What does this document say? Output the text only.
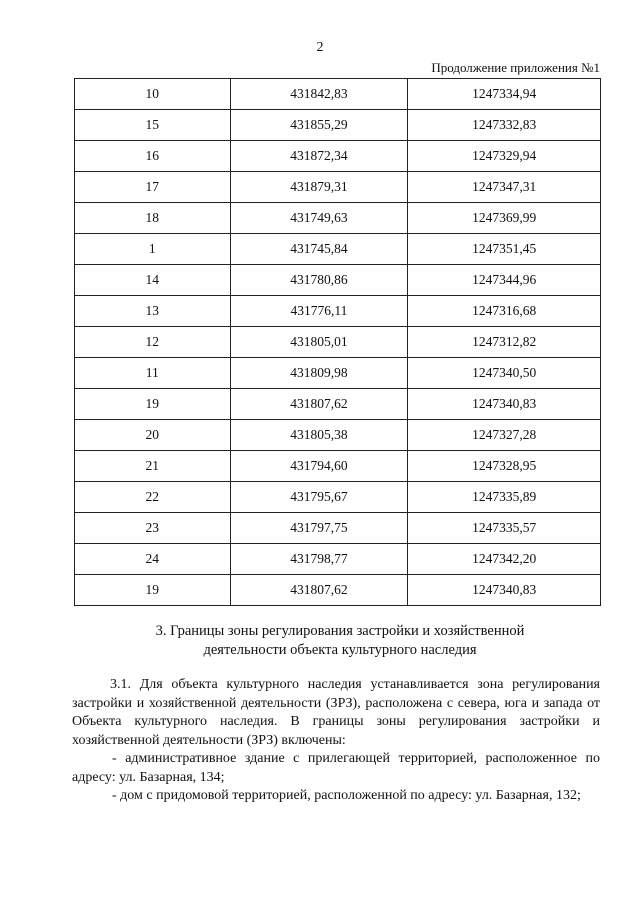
2
Продолжение приложения №1
10	431842,83	1247334,94
15	431855,29	1247332,83
16	431872,34	1247329,94
17	431879,31	1247347,31
18	431749,63	1247369,99
1	431745,84	1247351,45
14	431780,86	1247344,96
13	431776,11	1247316,68
12	431805,01	1247312,82
11	431809,98	1247340,50
19	431807,62	1247340,83
20	431805,38	1247327,28
21	431794,60	1247328,95
22	431795,67	1247335,89
23	431797,75	1247335,57
24	431798,77	1247342,20
19	431807,62	1247340,83
3. Границы зоны регулирования застройки и хозяйственной
деятельности объекта культурного наследия

3.1. Для объекта культурного наследия устанавливается зона регулирования застройки и хозяйственной деятельности (ЗРЗ), расположена с севера, юга и запада от Объекта культурного наследия. В границы зоны регулирования застройки и хозяйственной деятельности (ЗРЗ) включены:

- административное здание с прилегающей территорией, расположенное по адресу: ул. Базарная, 134;

- дом с придомовой территорией, расположенной по адресу: ул. Базарная, 132;
